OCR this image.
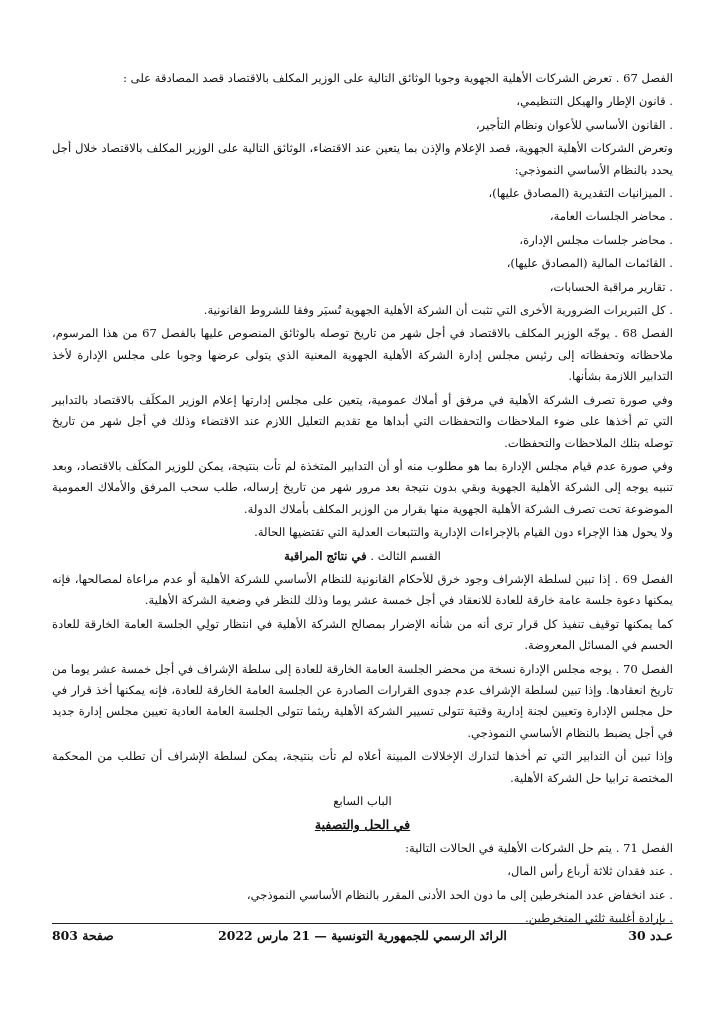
الفصل 67 . تعرض الشركات الأهلية الجهوية وجوبا الوثائق التالية على الوزير المكلف بالاقتصاد قصد المصادقة على :

. قانون الإطار والهيكل التنظيمي،

. القانون الأساسي للأعوان ونظام التأجير،

وتعرض الشركات الأهلية الجهوية، قصد الإعلام والإذن بما يتعين عند الاقتضاء، الوثائق التالية على الوزير المكلف بالاقتصاد خلال أجل يحدد بالنظام الأساسي النموذجي:

. الميزانيات التقديرية (المصادق عليها)،

. محاضر الجلسات العامة،

. محاضر جلسات مجلس الإدارة،

. القائمات المالية (المصادق عليها)،

. تقارير مراقبة الحسابات،

. كل التبريرات الضرورية الأخرى التي تثبت أن الشركة الأهلية الجهوية تُسيَر وفقا للشروط القانونية.

الفصل 68 . يوجّه الوزير المكلف بالاقتصاد في أجل شهر من تاريخ توصله بالوثائق المنصوص عليها بالفصل 67 من هذا المرسوم، ملاحظاته وتحفظاته إلى رئيس مجلس إدارة الشركة الأهلية الجهوية المعنية الذي يتولى عرضها وجوبا على مجلس الإدارة لأخذ التدابير اللازمة بشأنها.

وفي صورة تصرف الشركة الأهلية في مرفق أو أملاك عمومية، يتعين على مجلس إدارتها إعلام الوزير المكلَف بالاقتصاد بالتدابير التي تم أخذها على ضوء الملاحظات والتحفظات التي أبداها مع تقديم التعليل اللازم عند الاقتضاء وذلك في أجل شهر من تاريخ توصله بتلك الملاحظات والتحفظات.

وفي صورة عدم قيام مجلس الإدارة بما هو مطلوب منه أو أن التدابير المتخذة لم تأت بنتيجة، يمكن للوزير المكلَف بالاقتصاد، وبعد تنبيه يوجه إلى الشركة الأهلية الجهوية وبقي بدون نتيجة بعد مرور شهر من تاريخ إرساله، طلب سحب المرفق والأملاك العمومية الموضوعة تحت تصرف الشركة الأهلية الجهوية منها بقرار من الوزير المكلف بأملاك الدولة.

ولا يحول هذا الإجراء دون القيام بالإجراءات الإدارية والتتبعات العدلية التي تقتضيها الحالة.

القسم الثالث . في نتائج المراقبة

الفصل 69 . إذا تبين لسلطة الإشراف وجود خرق للأحكام القانونية للنظام الأساسي للشركة الأهلية أو عدم مراعاة لمصالحها، فإنه يمكنها دعوة جلسة عامة خارقة للعادة للانعقاد في أجل خمسة عشر يوما وذلك للنظر في وضعية الشركة الأهلية.

كما يمكنها توقيف تنفيذ كل قرار ترى أنه من شأنه الإضرار بمصالح الشركة الأهلية في انتظار تولِي الجلسة العامة الخارقة للعادة الحسم في المسائل المعروضة.

الفصل 70 . يوجه مجلس الإدارة نسخة من محضر الجلسة العامة الخارقة للعادة إلى سلطة الإشراف في أجل خمسة عشر يوما من تاريخ انعقادها. وإذا تبين لسلطة الإشراف عدم جدوى القرارات الصادرة عن الجلسة العامة الخارقة للعادة، فإنه يمكنها أخذ قرار في حل مجلس الإدارة وتعيين لجنة إدارية وقتية تتولى تسيير الشركة الأهلية ريثما تتولى الجلسة العامة العادية تعيين مجلس إدارة جديد في أجل يضبط بالنظام الأساسي النموذجي.

وإذا تبين أن التدابير التي تم أخذها لتدارك الإخلالات المبينة أعلاه لم تأت بنتيجة، يمكن لسلطة الإشراف أن تطلب من المحكمة المختصة ترابيا حل الشركة الأهلية.

الباب السابع

في الحل والتصفية

الفصل 71 . يتم حل الشركات الأهلية في الحالات التالية:

. عند فقدان ثلاثة أرباع رأس المال،

. عند انخفاض عدد المنخرطين إلى ما دون الحد الأدنى المقرر بالنظام الأساسي النموذجي،

. بإرادة أغلبية ثلثي المنخرطين.

عـدد 30
الرائد الرسمي للجمهورية التونسية — 21 مارس 2022
صفحة 803
